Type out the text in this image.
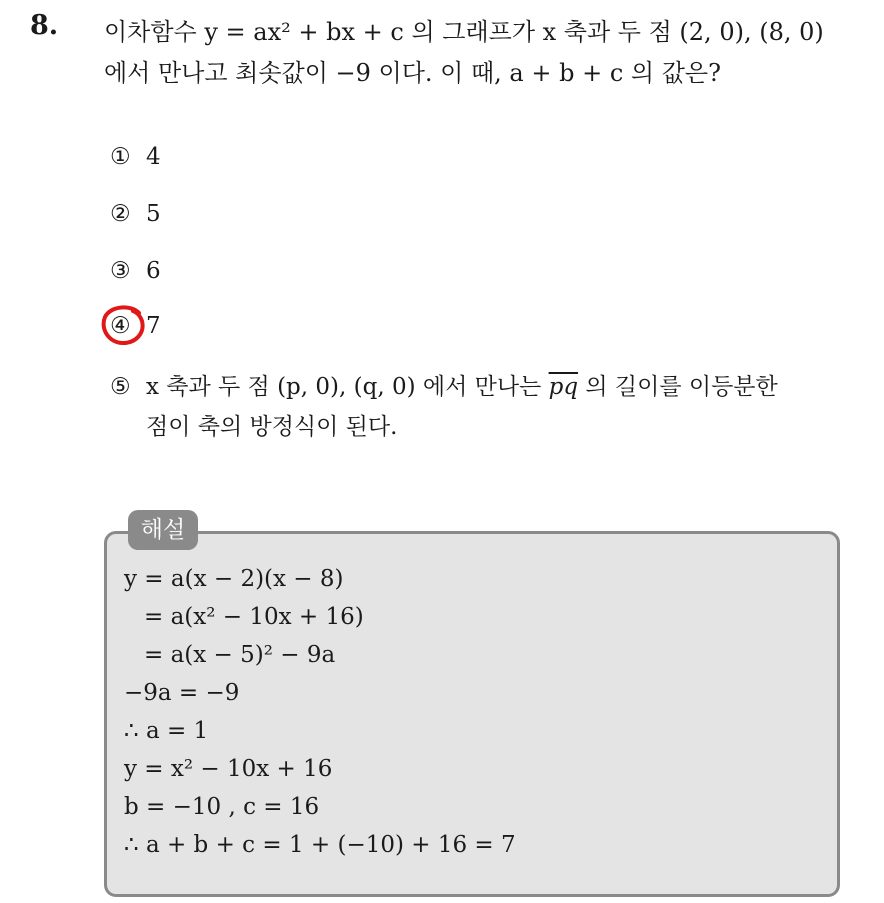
8. 이차함수 y = ax² + bx + c 의 그래프가 x 축과 두 점 (2, 0), (8, 0)
에서 만나고 최솟값이 −9 이다. 이 때, a + b + c 의 값은?
① 4
② 5
③ 6
④ 7
⑤ x 축과 두 점 (p, 0), (q, 0) 에서 만나는 $\overline{pq}$ 의 길이를 이등분한
점이 축의 방정식이 된다.
해설
y = a(x − 2)(x − 8)
= a(x² − 10x + 16)
= a(x − 5)² − 9a
−9a = −9
∴ a = 1
y = x² − 10x + 16
b = −10 , c = 16
∴ a + b + c = 1 + (−10) + 16 = 7
